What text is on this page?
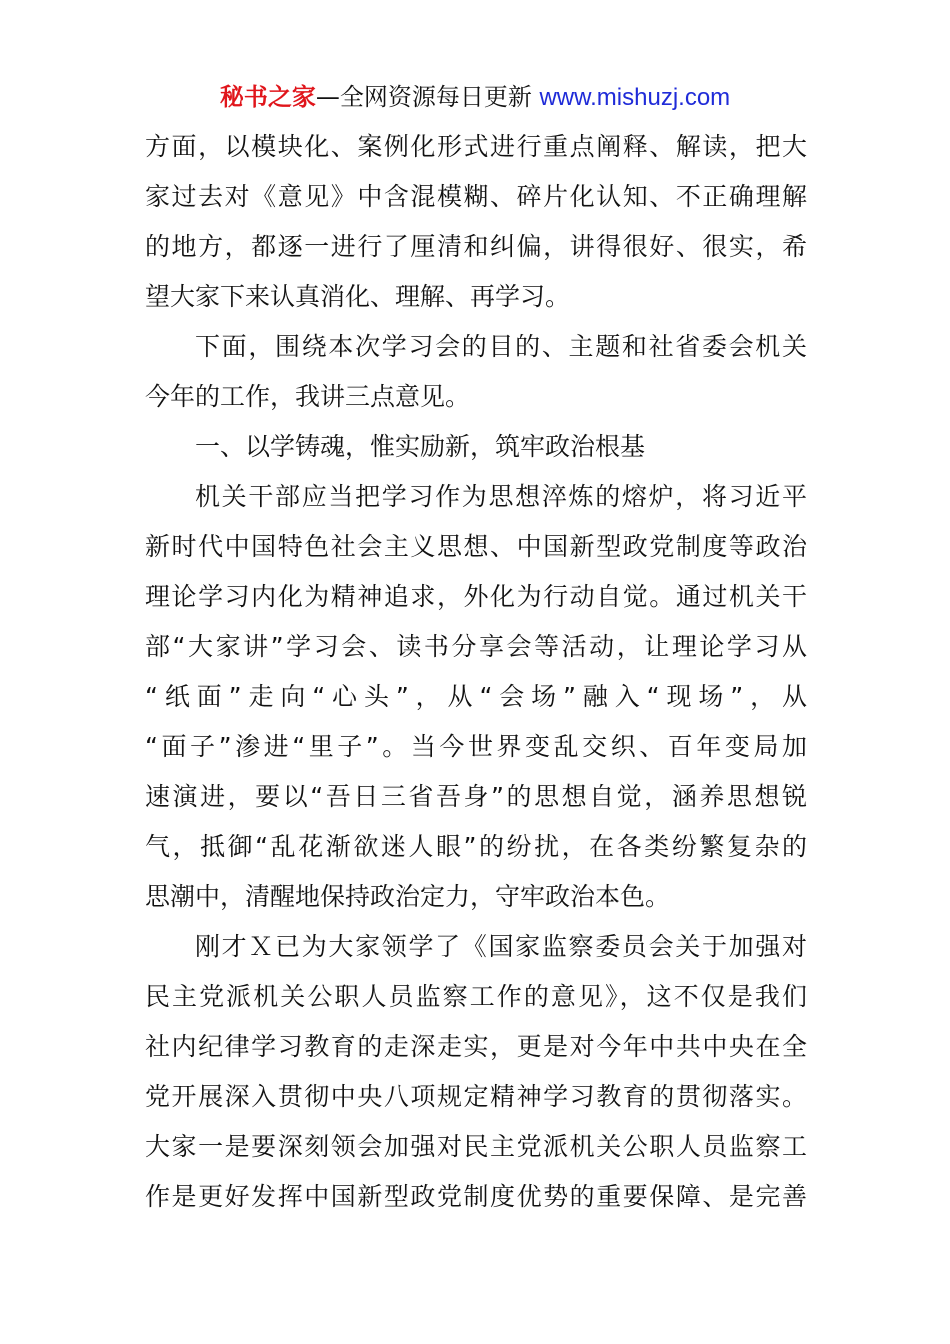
秘书之家—全网资源每日更新 www.mishuzj.com
方面，以模块化、案例化形式进行重点阐释、解读，把大
家过去对《意见》中含混模糊、碎片化认知、不正确理解
的地方，都逐一进行了厘清和纠偏，讲得很好、很实，希
望大家下来认真消化、理解、再学习。
下面，围绕本次学习会的目的、主题和社省委会机关
今年的工作，我讲三点意见。
一、以学铸魂，惟实励新，筑牢政治根基
机关干部应当把学习作为思想淬炼的熔炉，将习近平
新时代中国特色社会主义思想、中国新型政党制度等政治
理论学习内化为精神追求，外化为行动自觉。通过机关干
部“大家讲”学习会、读书分享会等活动，让理论学习从
“纸面”走向“心头”，从“会场”融入“现场”，从
“面子”渗进“里子”。当今世界变乱交织、百年变局加
速演进，要以“吾日三省吾身”的思想自觉，涵养思想锐
气，抵御“乱花渐欲迷人眼”的纷扰，在各类纷繁复杂的
思潮中，清醒地保持政治定力，守牢政治本色。
刚才Ｘ已为大家领学了《国家监察委员会关于加强对
民主党派机关公职人员监察工作的意见》，这不仅是我们
社内纪律学习教育的走深走实，更是对今年中共中央在全
党开展深入贯彻中央八项规定精神学习教育的贯彻落实。
大家一是要深刻领会加强对民主党派机关公职人员监察工
作是更好发挥中国新型政党制度优势的重要保障、是完善
